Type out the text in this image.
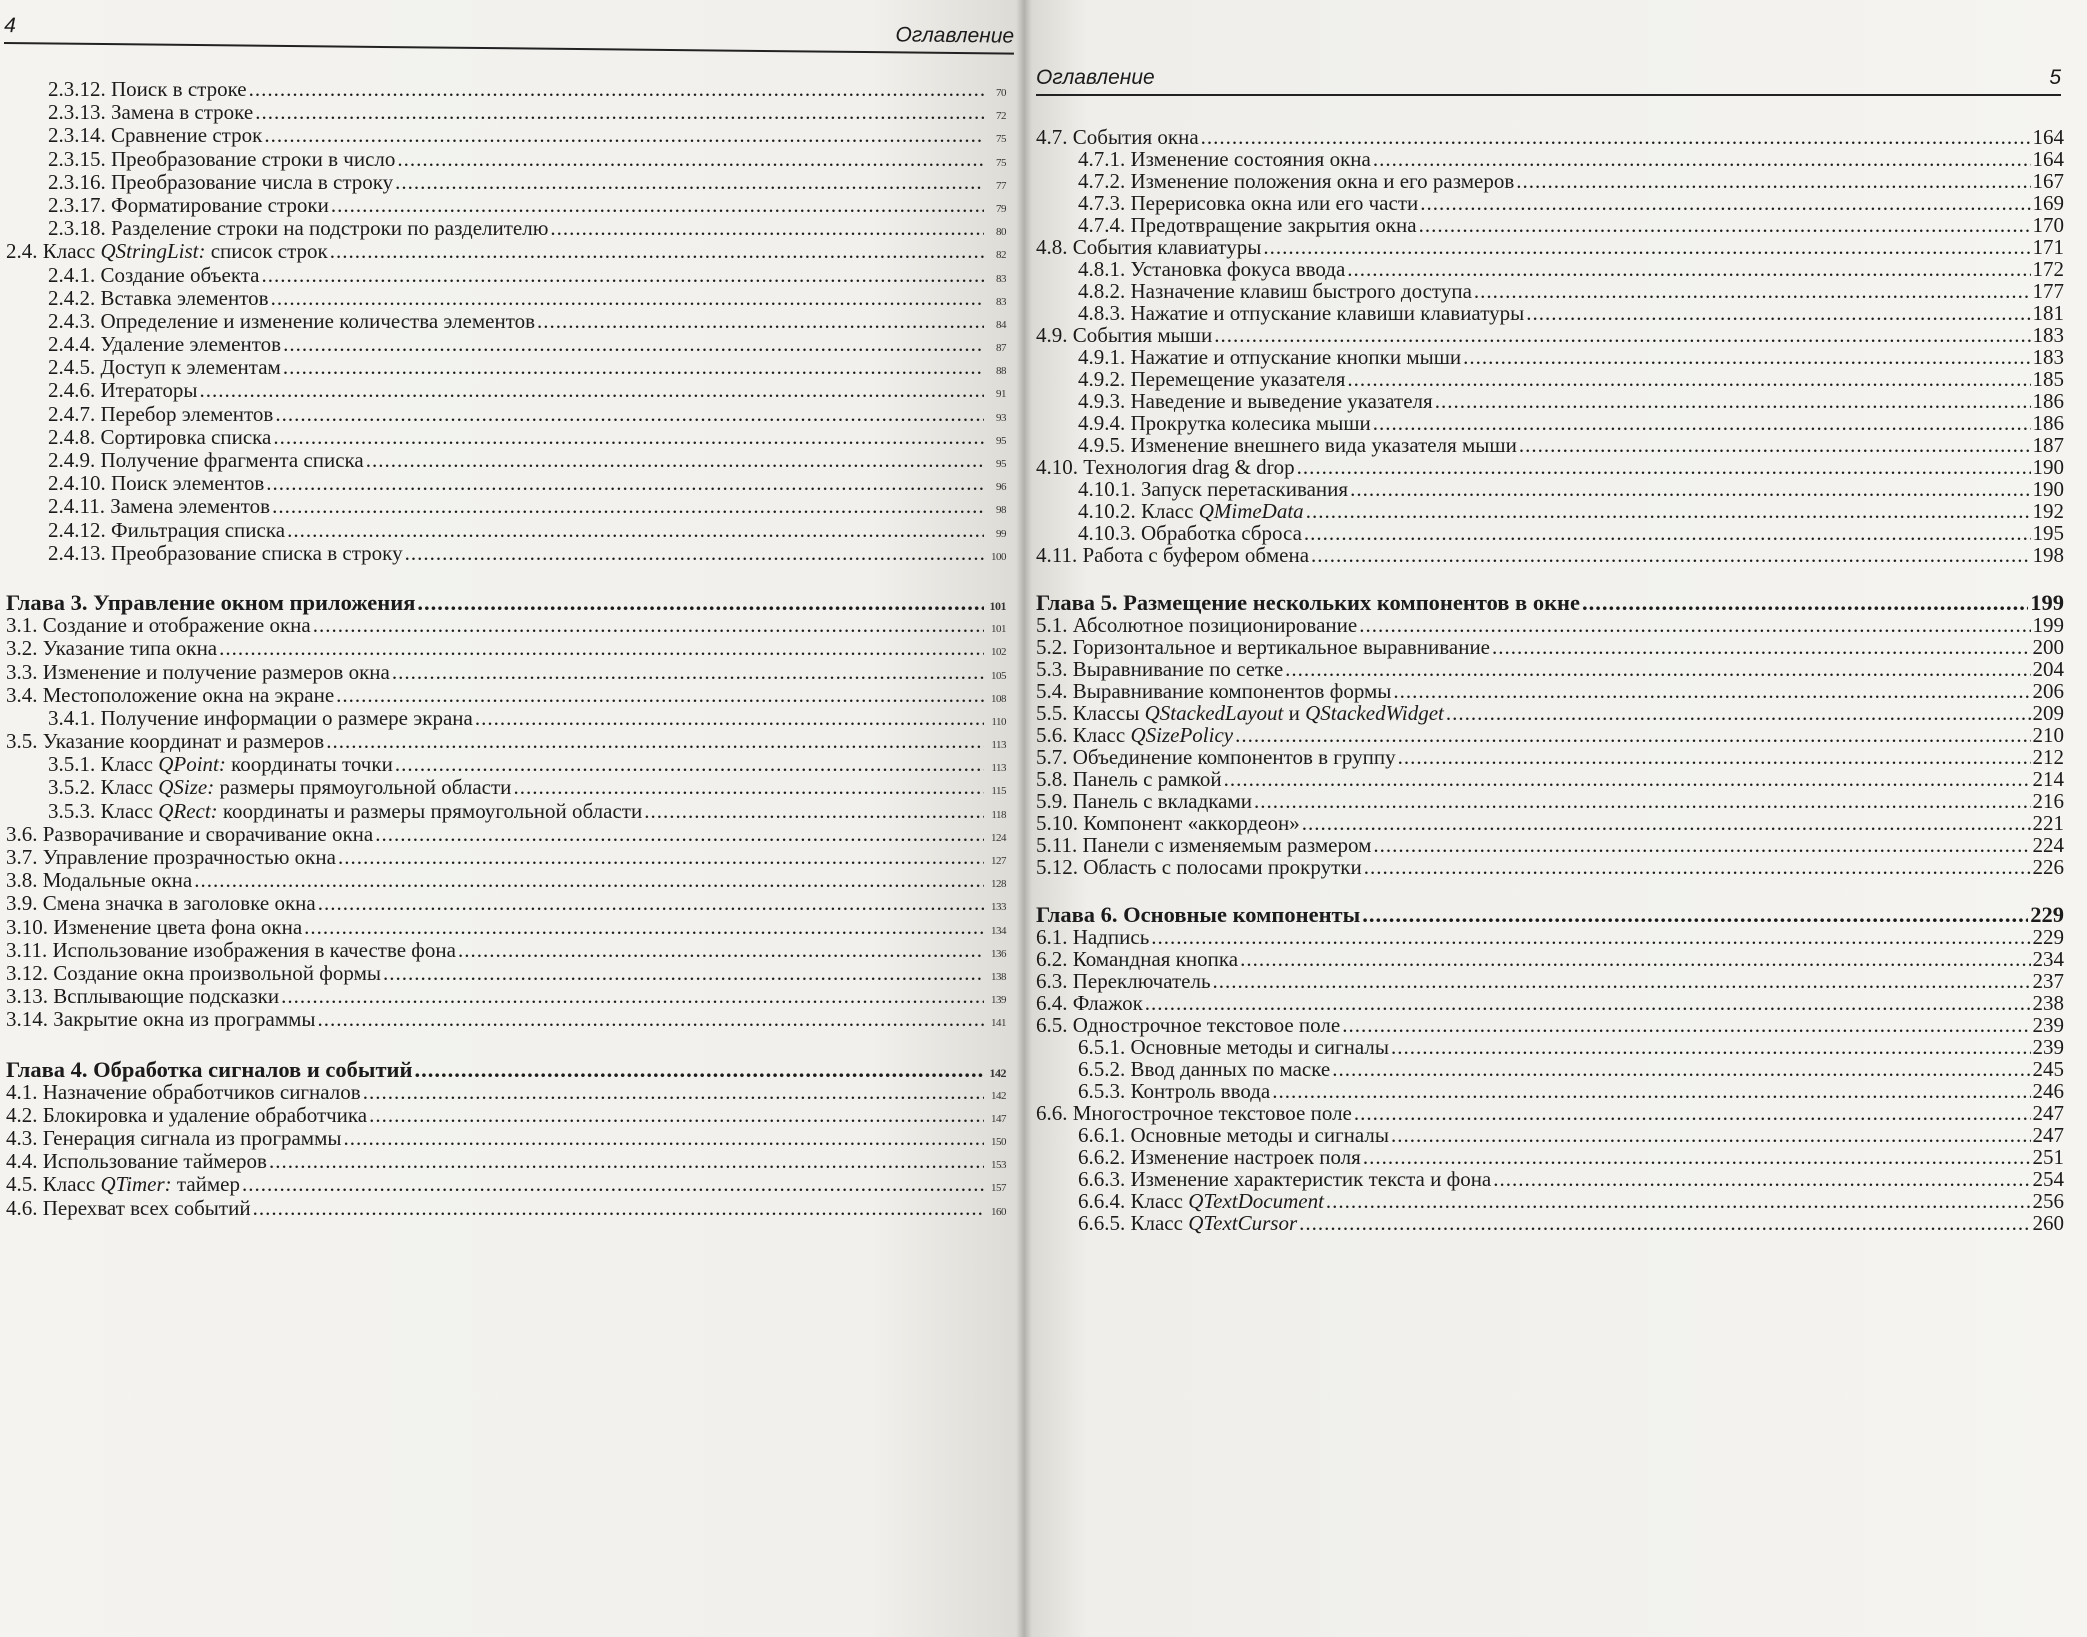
4	Оглавление
2.3.12. Поиск в строке .....	70
2.3.13. Замена в строке .....	72
2.3.14. Сравнение строк .....	75
2.3.15. Преобразование строки в число .....	75
2.3.16. Преобразование числа в строку .....	77
2.3.17. Форматирование строки .....	79
2.3.18. Разделение строки на подстроки по разделителю .....	80
2.4. Класс QStringList: список строк .....	82
2.4.1. Создание объекта .....	83
2.4.2. Вставка элементов .....	83
2.4.3. Определение и изменение количества элементов .....	84
2.4.4. Удаление элементов .....	87
2.4.5. Доступ к элементам .....	88
2.4.6. Итераторы .....	91
2.4.7. Перебор элементов .....	93
2.4.8. Сортировка списка .....	95
2.4.9. Получение фрагмента списка .....	95
2.4.10. Поиск элементов .....	96
2.4.11. Замена элементов .....	98
2.4.12. Фильтрация списка .....	99
2.4.13. Преобразование списка в строку .....	100
Глава 3. Управление окном приложения .....	101
3.1. Создание и отображение окна .....	101
3.2. Указание типа окна .....	102
3.3. Изменение и получение размеров окна .....	105
3.4. Местоположение окна на экране .....	108
3.4.1. Получение информации о размере экрана .....	110
3.5. Указание координат и размеров .....	113
3.5.1. Класс QPoint: координаты точки .....	113
3.5.2. Класс QSize: размеры прямоугольной области .....	115
3.5.3. Класс QRect: координаты и размеры прямоугольной области .....	118
3.6. Разворачивание и сворачивание окна .....	124
3.7. Управление прозрачностью окна .....	127
3.8. Модальные окна .....	128
3.9. Смена значка в заголовке окна .....	133
3.10. Изменение цвета фона окна .....	134
3.11. Использование изображения в качестве фона .....	136
3.12. Создание окна произвольной формы .....	138
3.13. Всплывающие подсказки .....	139
3.14. Закрытие окна из программы .....	141
Глава 4. Обработка сигналов и событий .....	142
4.1. Назначение обработчиков сигналов .....	142
4.2. Блокировка и удаление обработчика .....	147
4.3. Генерация сигнала из программы .....	150
4.4. Использование таймеров .....	153
4.5. Класс QTimer: таймер .....	157
4.6. Перехват всех событий .....	160
Оглавление	5
4.7. События окна .....	164
4.7.1. Изменение состояния окна .....	164
4.7.2. Изменение положения окна и его размеров .....	167
4.7.3. Перерисовка окна или его части .....	169
4.7.4. Предотвращение закрытия окна .....	170
4.8. События клавиатуры .....	171
4.8.1. Установка фокуса ввода .....	172
4.8.2. Назначение клавиш быстрого доступа .....	177
4.8.3. Нажатие и отпускание клавиши клавиатуры .....	181
4.9. События мыши .....	183
4.9.1. Нажатие и отпускание кнопки мыши .....	183
4.9.2. Перемещение указателя .....	185
4.9.3. Наведение и выведение указателя .....	186
4.9.4. Прокрутка колесика мыши .....	186
4.9.5. Изменение внешнего вида указателя мыши .....	187
4.10. Технология drag & drop .....	190
4.10.1. Запуск перетаскивания .....	190
4.10.2. Класс QMimeData .....	192
4.10.3. Обработка сброса .....	195
4.11. Работа с буфером обмена .....	198
Глава 5. Размещение нескольких компонентов в окне .....	199
5.1. Абсолютное позиционирование .....	199
5.2. Горизонтальное и вертикальное выравнивание .....	200
5.3. Выравнивание по сетке .....	204
5.4. Выравнивание компонентов формы .....	206
5.5. Классы QStackedLayout и QStackedWidget .....	209
5.6. Класс QSizePolicy .....	210
5.7. Объединение компонентов в группу .....	212
5.8. Панель с рамкой .....	214
5.9. Панель с вкладками .....	216
5.10. Компонент «аккордеон» .....	221
5.11. Панели с изменяемым размером .....	224
5.12. Область с полосами прокрутки .....	226
Глава 6. Основные компоненты .....	229
6.1. Надпись .....	229
6.2. Командная кнопка .....	234
6.3. Переключатель .....	237
6.4. Флажок .....	238
6.5. Однострочное текстовое поле .....	239
6.5.1. Основные методы и сигналы .....	239
6.5.2. Ввод данных по маске .....	245
6.5.3. Контроль ввода .....	246
6.6. Многострочное текстовое поле .....	247
6.6.1. Основные методы и сигналы .....	247
6.6.2. Изменение настроек поля .....	251
6.6.3. Изменение характеристик текста и фона .....	254
6.6.4. Класс QTextDocument .....	256
6.6.5. Класс QTextCursor .....	260
